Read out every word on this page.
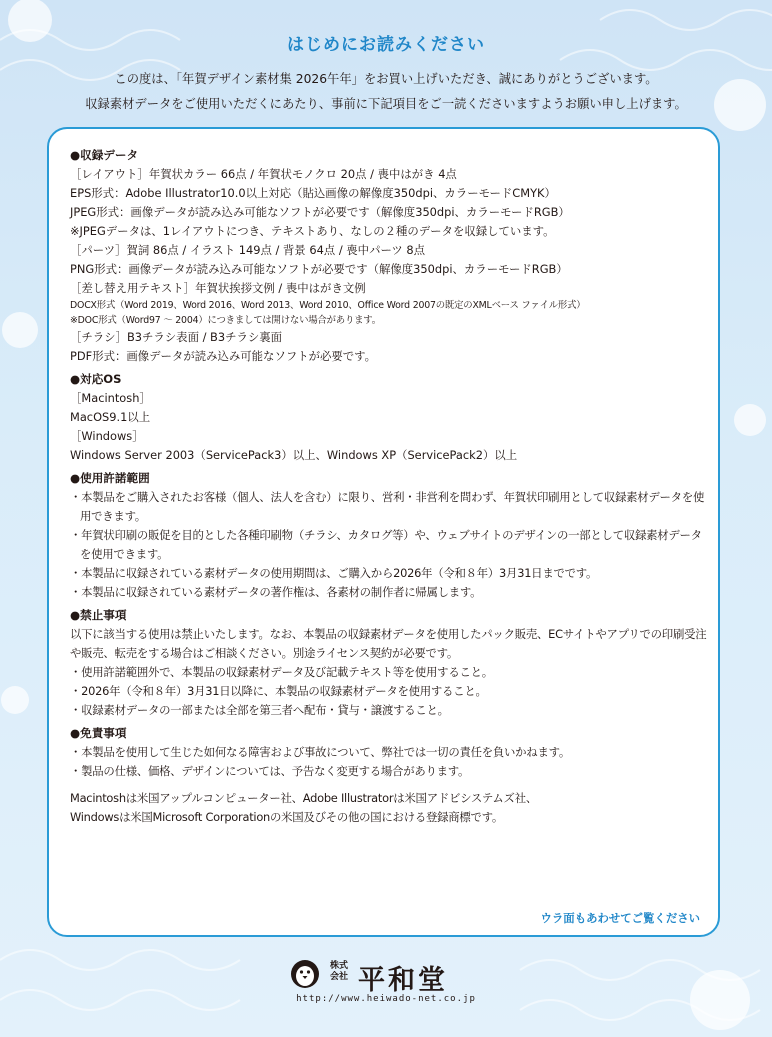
はじめにお読みください
この度は、「年賀デザイン素材集 2026午年」をお買い上げいただき、誠にありがとうございます。
収録素材データをご使用いただくにあたり、事前に下記項目をご一読くださいますようお願い申し上げます。
●収録データ
［レイアウト］年賀状カラー 66点 / 年賀状モノクロ 20点 / 喪中はがき 4点
EPS形式：Adobe Illustrator10.0以上対応（貼込画像の解像度350dpi、カラーモードCMYK）
JPEG形式：画像データが読み込み可能なソフトが必要です（解像度350dpi、カラーモードRGB）
※JPEGデータは、1レイアウトにつき、テキストあり、なしの２種のデータを収録しています。
［パーツ］賀詞 86点 / イラスト 149点 / 背景 64点 / 喪中パーツ 8点
PNG形式：画像データが読み込み可能なソフトが必要です（解像度350dpi、カラーモードRGB）
［差し替え用テキスト］年賀状挨拶文例 / 喪中はがき文例
DOCX形式（Word 2019、Word 2016、Word 2013、Word 2010、Office Word 2007の既定のXMLベース ファイル形式）
※DOC形式（Word97 〜 2004）につきましては開けない場合があります。
［チラシ］B3チラシ表面 / B3チラシ裏面
PDF形式：画像データが読み込み可能なソフトが必要です。
●対応OS
［Macintosh］
MacOS9.1以上
［Windows］
Windows Server 2003（ServicePack3）以上、Windows XP（ServicePack2）以上
●使用許諾範囲
・本製品をご購入されたお客様（個人、法人を含む）に限り、営利・非営利を問わず、年賀状印刷用として収録素材データを使用できます。
・年賀状印刷の販促を目的とした各種印刷物（チラシ、カタログ等）や、ウェブサイトのデザインの一部として収録素材データを使用できます。
・本製品に収録されている素材データの使用期間は、ご購入から2026年（令和８年）3月31日までです。
・本製品に収録されている素材データの著作権は、各素材の制作者に帰属します。
●禁止事項
以下に該当する使用は禁止いたします。なお、本製品の収録素材データを使用したパック販売、ECサイトやアプリでの印刷受注や販売、転売をする場合はご相談ください。別途ライセンス契約が必要です。
・使用許諾範囲外で、本製品の収録素材データ及び記載テキスト等を使用すること。
・2026年（令和８年）3月31日以降に、本製品の収録素材データを使用すること。
・収録素材データの一部または全部を第三者へ配布・貸与・譲渡すること。
●免責事項
・本製品を使用して生じた如何なる障害および事故について、弊社では一切の責任を負いかねます。
・製品の仕様、価格、デザインについては、予告なく変更する場合があります。
Macintoshは米国アップルコンピューター社、Adobe Illustratorは米国アドビシステムズ社、
Windowsは米国Microsoft Corporationの米国及びその他の国における登録商標です。
ウラ面もあわせてご覧ください
株式
会社 平和堂
http://www.heiwado-net.co.jp
